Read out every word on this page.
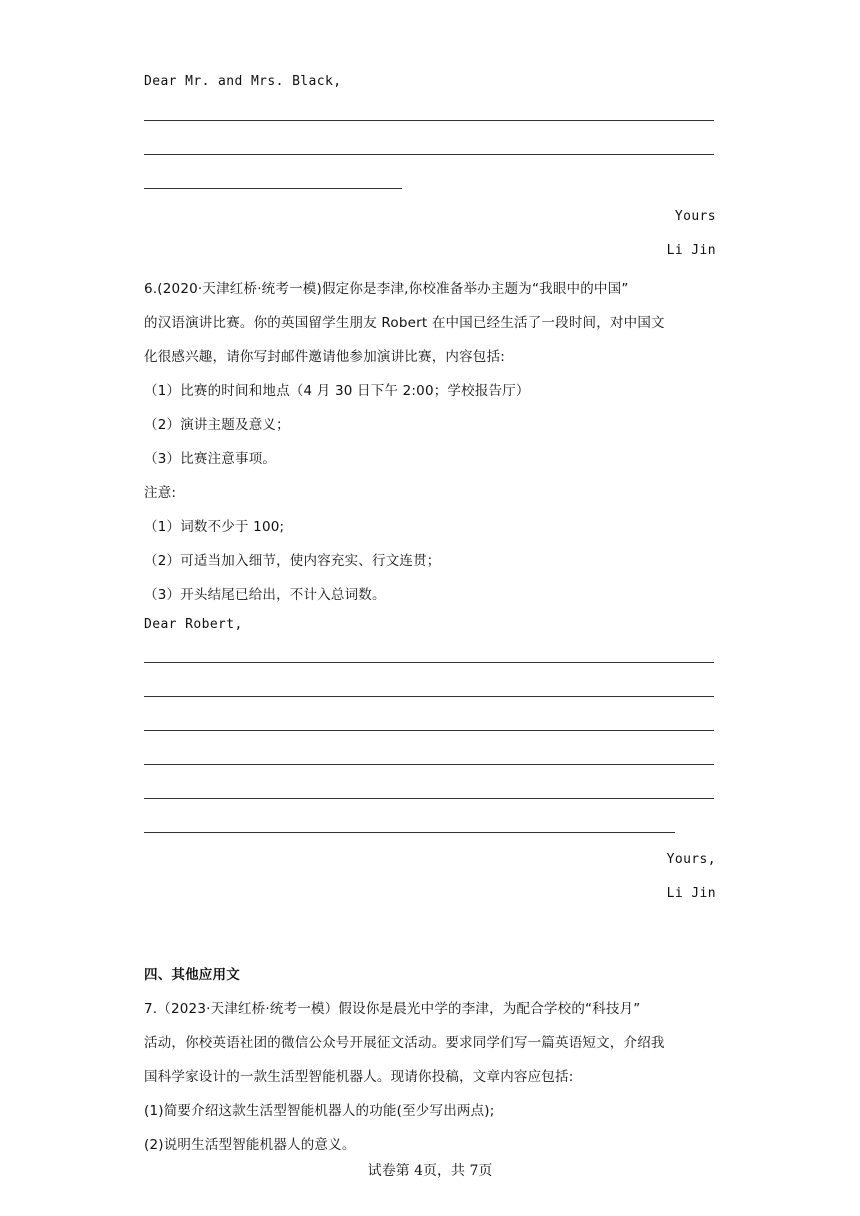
Dear Mr. and Mrs. Black,
Yours
Li Jin
6.(2020·天津红桥·统考一模)假定你是李津,你校准备举办主题为“我眼中的中国”
的汉语演讲比赛。你的英国留学生朋友 Robert 在中国已经生活了一段时间，对中国文
化很感兴趣，请你写封邮件邀请他参加演讲比赛，内容包括:
（1）比赛的时间和地点（4 月 30 日下午 2:00；学校报告厅）
（2）演讲主题及意义；
（3）比赛注意事项。
注意:
（1）词数不少于 100;
（2）可适当加入细节，使内容充实、行文连贯；
（3）开头结尾已给出，不计入总词数。
Dear Robert,
Yours,
Li Jin
四、其他应用文
7.（2023·天津红桥·统考一模）假设你是晨光中学的李津，为配合学校的“科技月”
活动，你校英语社团的微信公众号开展征文活动。要求同学们写一篇英语短文，介绍我
国科学家设计的一款生活型智能机器人。现请你投稿，文章内容应包括:
(1)简要介绍这款生活型智能机器人的功能(至少写出两点);
(2)说明生活型智能机器人的意义。
试卷第 4页，共 7页
